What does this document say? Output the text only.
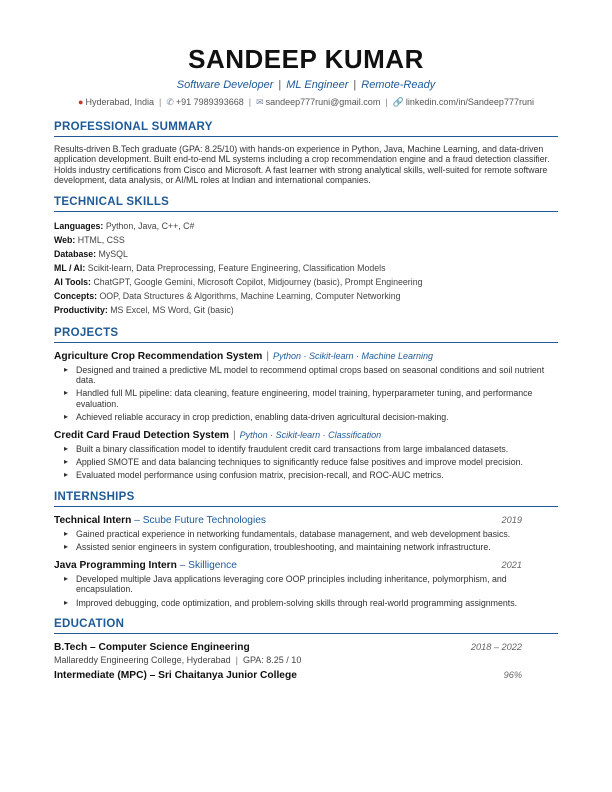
SANDEEP KUMAR
Software Developer | ML Engineer | Remote-Ready
● Hyderabad, India | ✆ +91 7989393668 | ✉ sandeep777runi@gmail.com | 🔗 linkedin.com/in/Sandeep777runi
PROFESSIONAL SUMMARY
Results-driven B.Tech graduate (GPA: 8.25/10) with hands-on experience in Python, Java, Machine Learning, and data-driven application development. Built end-to-end ML systems including a crop recommendation engine and a fraud detection classifier. Holds industry certifications from Cisco and Microsoft. A fast learner with strong analytical skills, well-suited for remote software development, data analysis, or AI/ML roles at Indian and international companies.
TECHNICAL SKILLS
Languages: Python, Java, C++, C#
Web: HTML, CSS
Database: MySQL
ML / AI: Scikit-learn, Data Preprocessing, Feature Engineering, Classification Models
AI Tools: ChatGPT, Google Gemini, Microsoft Copilot, Midjourney (basic), Prompt Engineering
Concepts: OOP, Data Structures & Algorithms, Machine Learning, Computer Networking
Productivity: MS Excel, MS Word, Git (basic)
PROJECTS
Agriculture Crop Recommendation System | Python · Scikit-learn · Machine Learning
▸ Designed and trained a predictive ML model to recommend optimal crops based on seasonal conditions and soil nutrient data.
▸ Handled full ML pipeline: data cleaning, feature engineering, model training, hyperparameter tuning, and performance evaluation.
▸ Achieved reliable accuracy in crop prediction, enabling data-driven agricultural decision-making.
Credit Card Fraud Detection System | Python · Scikit-learn · Classification
▸ Built a binary classification model to identify fraudulent credit card transactions from large imbalanced datasets.
▸ Applied SMOTE and data balancing techniques to significantly reduce false positives and improve model precision.
▸ Evaluated model performance using confusion matrix, precision-recall, and ROC-AUC metrics.
INTERNSHIPS
Technical Intern – Scube Future Technologies	2019
▸ Gained practical experience in networking fundamentals, database management, and web development basics.
▸ Assisted senior engineers in system configuration, troubleshooting, and maintaining network infrastructure.
Java Programming Intern – Skilligence	2021
▸ Developed multiple Java applications leveraging core OOP principles including inheritance, polymorphism, and encapsulation.
▸ Improved debugging, code optimization, and problem-solving skills through real-world programming assignments.
EDUCATION
B.Tech – Computer Science Engineering	2018 – 2022
Mallareddy Engineering College, Hyderabad | GPA: 8.25 / 10
Intermediate (MPC) – Sri Chaitanya Junior College	96%
